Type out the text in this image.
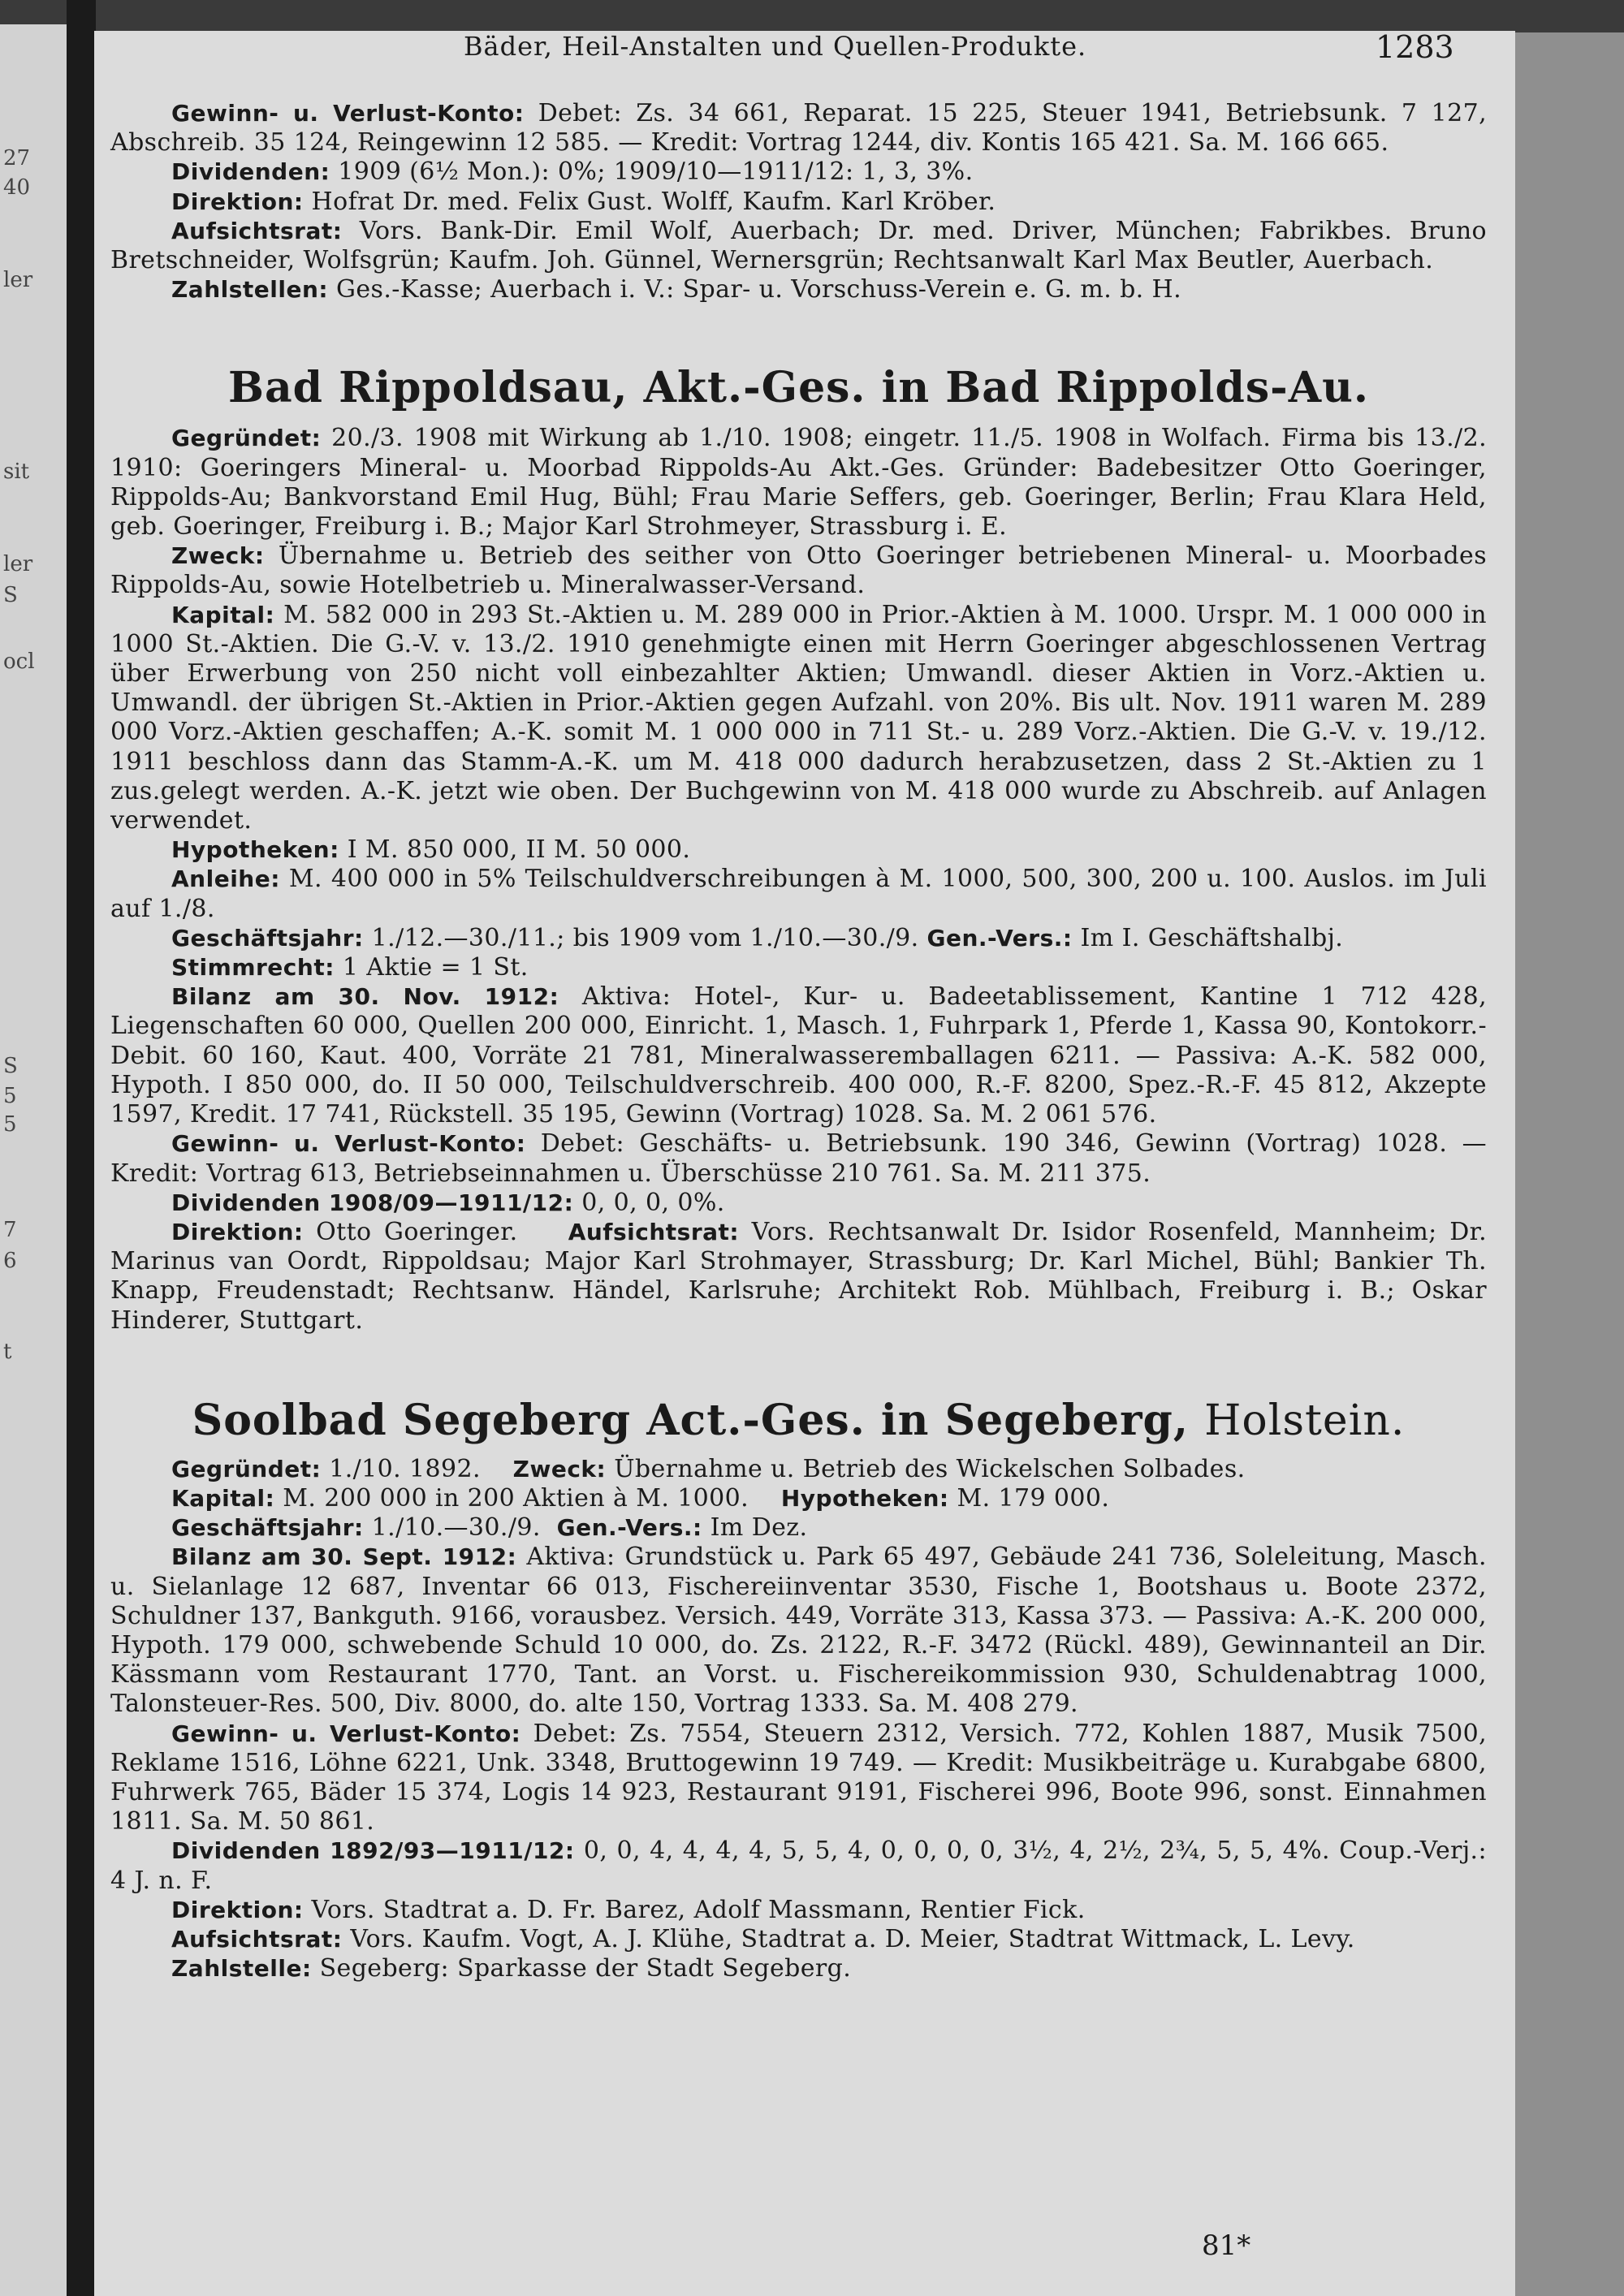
27
40
ler
sit
ler
S
ocl
S
5
5
7
6
t
Bäder, Heil-Anstalten und Quellen-Produkte.	1283

Gewinn- u. Verlust-Konto: Debet: Zs. 34 661, Reparat. 15 225, Steuer 1941, Betriebsunk. 7 127, Abschreib. 35 124, Reingewinn 12 585. — Kredit: Vortrag 1244, div. Kontis 165 421. Sa. M. 166 665.

Dividenden: 1909 (6½ Mon.): 0%; 1909/10—1911/12: 1, 3, 3%.

Direktion: Hofrat Dr. med. Felix Gust. Wolff, Kaufm. Karl Kröber.

Aufsichtsrat: Vors. Bank-Dir. Emil Wolf, Auerbach; Dr. med. Driver, München; Fabrikbes. Bruno Bretschneider, Wolfsgrün; Kaufm. Joh. Günnel, Wernersgrün; Rechtsanwalt Karl Max Beutler, Auerbach.

Zahlstellen: Ges.-Kasse; Auerbach i. V.: Spar- u. Vorschuss-Verein e. G. m. b. H.

Bad Rippoldsau, Akt.-Ges. in Bad Rippolds-Au.

Gegründet: 20./3. 1908 mit Wirkung ab 1./10. 1908; eingetr. 11./5. 1908 in Wolfach. Firma bis 13./2. 1910: Goeringers Mineral- u. Moorbad Rippolds-Au Akt.-Ges. Gründer: Badebesitzer Otto Goeringer, Rippolds-Au; Bankvorstand Emil Hug, Bühl; Frau Marie Seffers, geb. Goeringer, Berlin; Frau Klara Held, geb. Goeringer, Freiburg i. B.; Major Karl Strohmeyer, Strassburg i. E.

Zweck: Übernahme u. Betrieb des seither von Otto Goeringer betriebenen Mineral- u. Moorbades Rippolds-Au, sowie Hotelbetrieb u. Mineralwasser-Versand.

Kapital: M. 582 000 in 293 St.-Aktien u. M. 289 000 in Prior.-Aktien à M. 1000. Urspr. M. 1 000 000 in 1000 St.-Aktien. Die G.-V. v. 13./2. 1910 genehmigte einen mit Herrn Goeringer abgeschlossenen Vertrag über Erwerbung von 250 nicht voll einbezahlter Aktien; Umwandl. dieser Aktien in Vorz.-Aktien u. Umwandl. der übrigen St.-Aktien in Prior.-Aktien gegen Aufzahl. von 20%. Bis ult. Nov. 1911 waren M. 289 000 Vorz.-Aktien geschaffen; A.-K. somit M. 1 000 000 in 711 St.- u. 289 Vorz.-Aktien. Die G.-V. v. 19./12. 1911 beschloss dann das Stamm-A.-K. um M. 418 000 dadurch herabzusetzen, dass 2 St.-Aktien zu 1 zus.gelegt werden. A.-K. jetzt wie oben. Der Buchgewinn von M. 418 000 wurde zu Abschreib. auf Anlagen verwendet.

Hypotheken: I M. 850 000, II M. 50 000.

Anleihe: M. 400 000 in 5% Teilschuldverschreibungen à M. 1000, 500, 300, 200 u. 100. Auslos. im Juli auf 1./8.

Geschäftsjahr: 1./12.—30./11.; bis 1909 vom 1./10.—30./9. Gen.-Vers.: Im I. Geschäftshalbj.

Stimmrecht: 1 Aktie = 1 St.

Bilanz am 30. Nov. 1912: Aktiva: Hotel-, Kur- u. Badeetablissement, Kantine 1 712 428, Liegenschaften 60 000, Quellen 200 000, Einricht. 1, Masch. 1, Fuhrpark 1, Pferde 1, Kassa 90, Kontokorr.-Debit. 60 160, Kaut. 400, Vorräte 21 781, Mineralwasseremballagen 6211. — Passiva: A.-K. 582 000, Hypoth. I 850 000, do. II 50 000, Teilschuldverschreib. 400 000, R.-F. 8200, Spez.-R.-F. 45 812, Akzepte 1597, Kredit. 17 741, Rückstell. 35 195, Gewinn (Vortrag) 1028. Sa. M. 2 061 576.

Gewinn- u. Verlust-Konto: Debet: Geschäfts- u. Betriebsunk. 190 346, Gewinn (Vortrag) 1028. — Kredit: Vortrag 613, Betriebseinnahmen u. Überschüsse 210 761. Sa. M. 211 375.

Dividenden 1908/09—1911/12: 0, 0, 0, 0%.

Direktion: Otto Goeringer. Aufsichtsrat: Vors. Rechtsanwalt Dr. Isidor Rosenfeld, Mannheim; Dr. Marinus van Oordt, Rippoldsau; Major Karl Strohmayer, Strassburg; Dr. Karl Michel, Bühl; Bankier Th. Knapp, Freudenstadt; Rechtsanw. Händel, Karlsruhe; Architekt Rob. Mühlbach, Freiburg i. B.; Oskar Hinderer, Stuttgart.

Soolbad Segeberg Act.-Ges. in Segeberg, Holstein.

Gegründet: 1./10. 1892. Zweck: Übernahme u. Betrieb des Wickelschen Solbades.

Kapital: M. 200 000 in 200 Aktien à M. 1000. Hypotheken: M. 179 000.

Geschäftsjahr: 1./10.—30./9. Gen.-Vers.: Im Dez.

Bilanz am 30. Sept. 1912: Aktiva: Grundstück u. Park 65 497, Gebäude 241 736, Soleleitung, Masch. u. Sielanlage 12 687, Inventar 66 013, Fischereiinventar 3530, Fische 1, Bootshaus u. Boote 2372, Schuldner 137, Bankguth. 9166, vorausbez. Versich. 449, Vorräte 313, Kassa 373. — Passiva: A.-K. 200 000, Hypoth. 179 000, schwebende Schuld 10 000, do. Zs. 2122, R.-F. 3472 (Rückl. 489), Gewinnanteil an Dir. Kässmann vom Restaurant 1770, Tant. an Vorst. u. Fischereikommission 930, Schuldenabtrag 1000, Talonsteuer-Res. 500, Div. 8000, do. alte 150, Vortrag 1333. Sa. M. 408 279.

Gewinn- u. Verlust-Konto: Debet: Zs. 7554, Steuern 2312, Versich. 772, Kohlen 1887, Musik 7500, Reklame 1516, Löhne 6221, Unk. 3348, Bruttogewinn 19 749. — Kredit: Musikbeiträge u. Kurabgabe 6800, Fuhrwerk 765, Bäder 15 374, Logis 14 923, Restaurant 9191, Fischerei 996, Boote 996, sonst. Einnahmen 1811. Sa. M. 50 861.

Dividenden 1892/93—1911/12: 0, 0, 4, 4, 4, 4, 5, 5, 4, 0, 0, 0, 0, 3½, 4, 2½, 2¾, 5, 5, 4%. Coup.-Verj.: 4 J. n. F.

Direktion: Vors. Stadtrat a. D. Fr. Barez, Adolf Massmann, Rentier Fick.

Aufsichtsrat: Vors. Kaufm. Vogt, A. J. Klühe, Stadtrat a. D. Meier, Stadtrat Wittmack, L. Levy.

Zahlstelle: Segeberg: Sparkasse der Stadt Segeberg.

81*
